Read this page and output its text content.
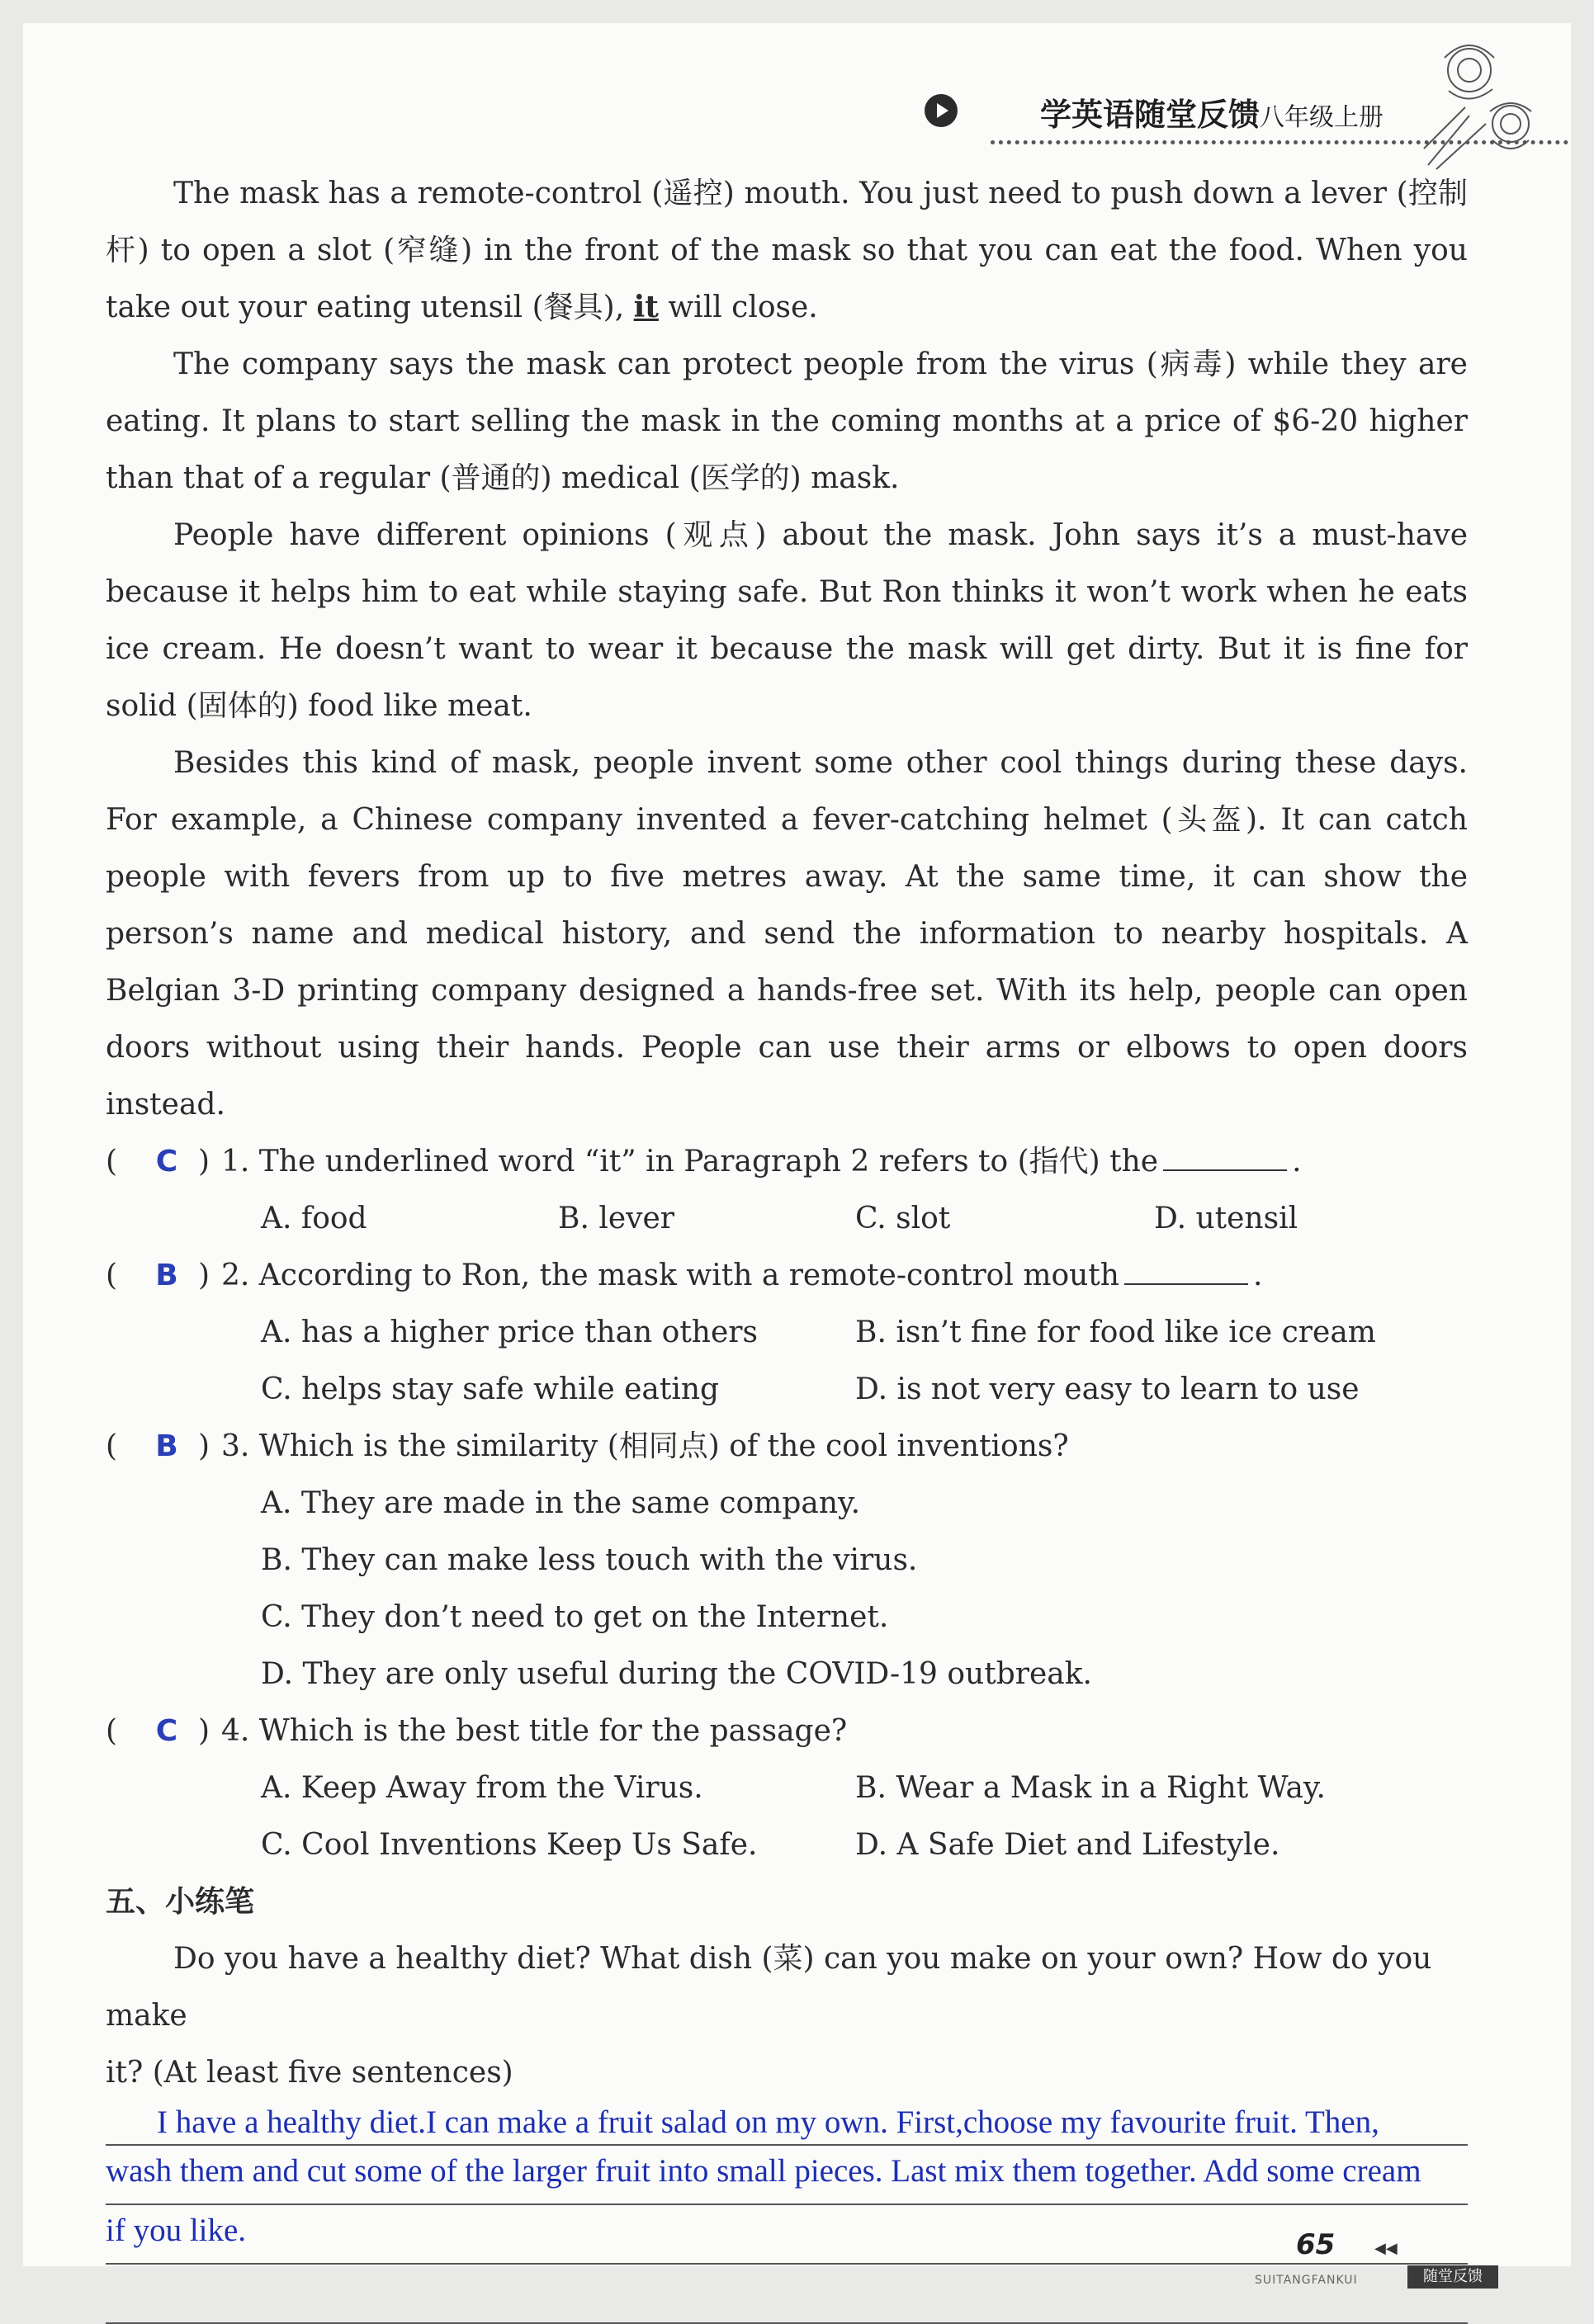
学英语随堂反馈八年级上册

The mask has a remote-control (遥控) mouth. You just need to push down a lever (控制杆) to open a slot (窄缝) in the front of the mask so that you can eat the food. When you take out your eating utensil (餐具), it will close.

The company says the mask can protect people from the virus (病毒) while they are eating. It plans to start selling the mask in the coming months at a price of $6-20 higher than that of a regular (普通的) medical (医学的) mask.

People have different opinions (观点) about the mask. John says it’s a must-have because it helps him to eat while staying safe. But Ron thinks it won’t work when he eats ice cream. He doesn’t want to wear it because the mask will get dirty. But it is fine for solid (固体的) food like meat.

Besides this kind of mask, people invent some other cool things during these days. For example, a Chinese company invented a fever-catching helmet (头盔). It can catch people with fevers from up to five metres away. At the same time, it can show the person’s name and medical history, and send the information to nearby hospitals. A Belgian 3-D printing company designed a hands-free set. With its help, people can open doors without using their hands. People can use their arms or elbows to open doors instead.

(	C ) 1. The underlined word “it” in Paragraph 2 refers to (指代) the	.
A. food	B. lever	C. slot	D. utensil
(	B ) 2. According to Ron, the mask with a remote-control mouth	.
A. has a higher price than others	B. isn’t fine for food like ice cream
C. helps stay safe while eating	D. is not very easy to learn to use
(	B ) 3. Which is the similarity (相同点) of the cool inventions?
A. They are made in the same company.
B. They can make less touch with the virus.
C. They don’t need to get on the Internet.
D. They are only useful during the COVID-19 outbreak.
(	C ) 4. Which is the best title for the passage?
A. Keep Away from the Virus.	B. Wear a Mask in a Right Way.
C. Cool Inventions Keep Us Safe.	D. A Safe Diet and Lifestyle.
五、小练笔

Do you have a healthy diet? What dish (菜) can you make on your own? How do you make

it? (At least five sentences)

I have a healthy diet.I can make a fruit salad on my own. First,choose my favourite fruit. Then,
wash them and cut some of the larger fruit into small pieces. Last mix them together. Add some cream
if you like.	65	◀◀
SUITANGFANKUI	随堂反馈
